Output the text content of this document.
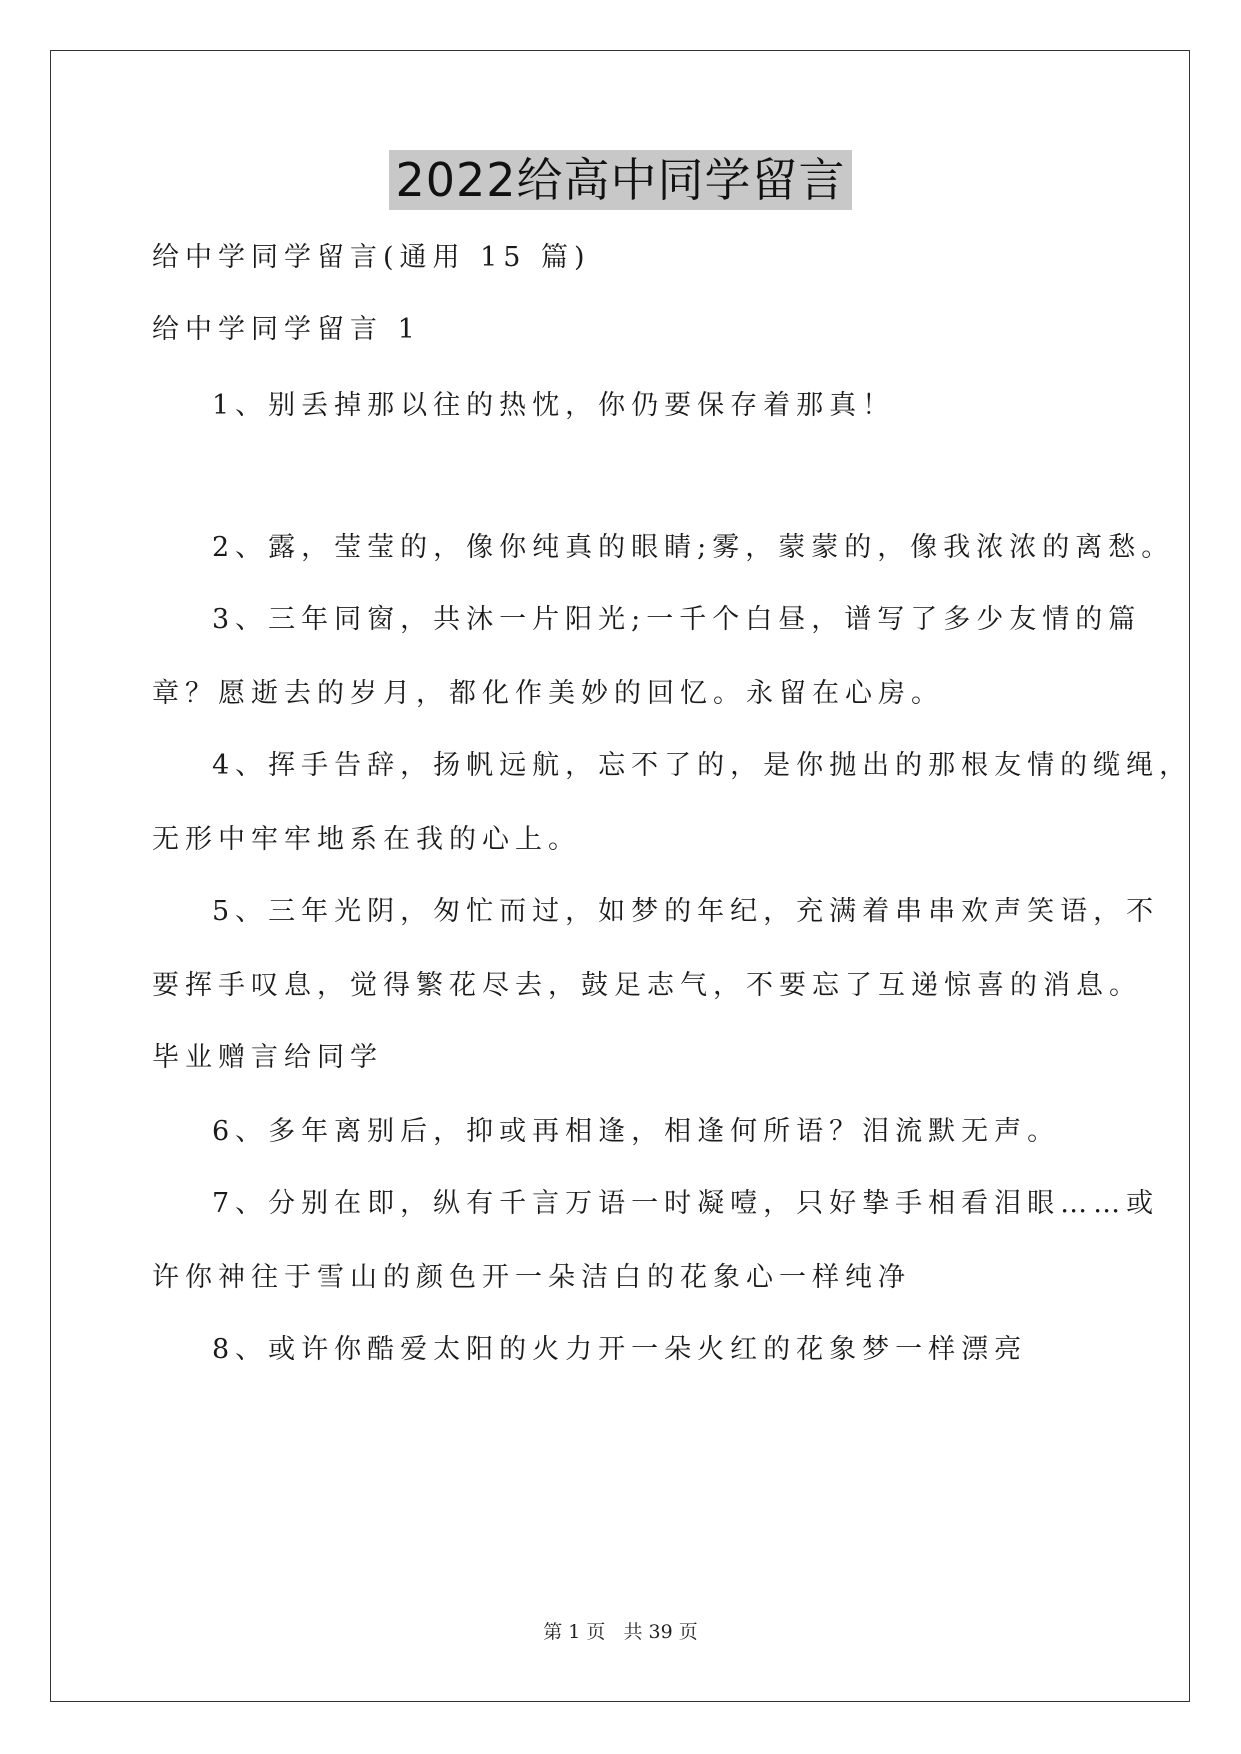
2022给高中同学留言
给中学同学留言(通用 15 篇)
给中学同学留言 1
1、别丢掉那以往的热忱，你仍要保存着那真！
2、露，莹莹的，像你纯真的眼睛;雾，蒙蒙的，像我浓浓的离愁。
3、三年同窗，共沐一片阳光;一千个白昼，谱写了多少友情的篇
章？愿逝去的岁月，都化作美妙的回忆。永留在心房。
4、挥手告辞，扬帆远航，忘不了的，是你抛出的那根友情的缆绳，
无形中牢牢地系在我的心上。
5、三年光阴，匆忙而过，如梦的年纪，充满着串串欢声笑语，不
要挥手叹息，觉得繁花尽去，鼓足志气，不要忘了互递惊喜的消息。
毕业赠言给同学
6、多年离别后，抑或再相逢，相逢何所语？泪流默无声。
7、分别在即，纵有千言万语一时凝噎，只好挚手相看泪眼……或
许你神往于雪山的颜色开一朵洁白的花象心一样纯净
8、或许你酷爱太阳的火力开一朵火红的花象梦一样漂亮
第 1 页 共 39 页
